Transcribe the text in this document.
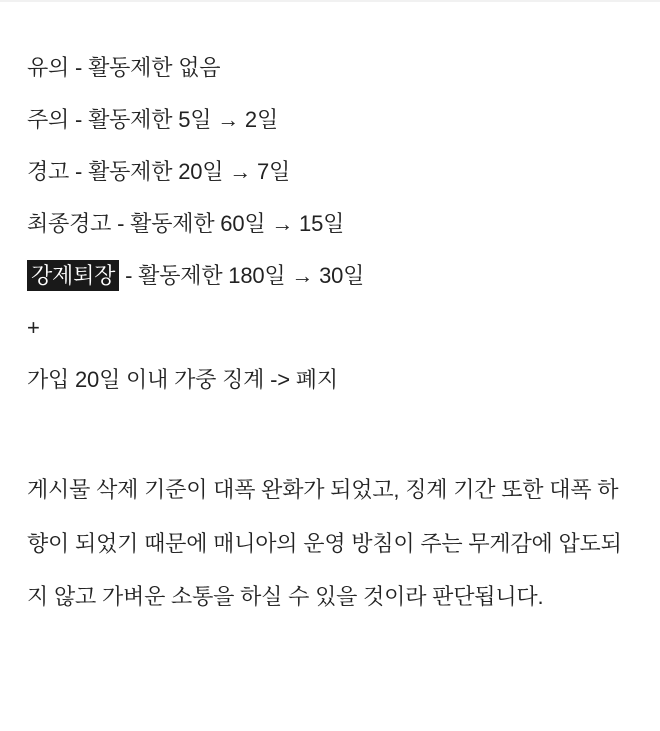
유의 - 활동제한 없음

주의 - 활동제한 5일 → 2일

경고 - 활동제한 20일 → 7일

최종경고 - 활동제한 60일 → 15일

강제퇴장 - 활동제한 180일 → 30일

+

가입 20일 이내 가중 징계 -> 폐지

게시물 삭제 기준이 대폭 완화가 되었고, 징계 기간 또한 대폭 하향이 되었기 때문에 매니아의 운영 방침이 주는 무게감에 압도되지 않고 가벼운 소통을 하실 수 있을 것이라 판단됩니다.
